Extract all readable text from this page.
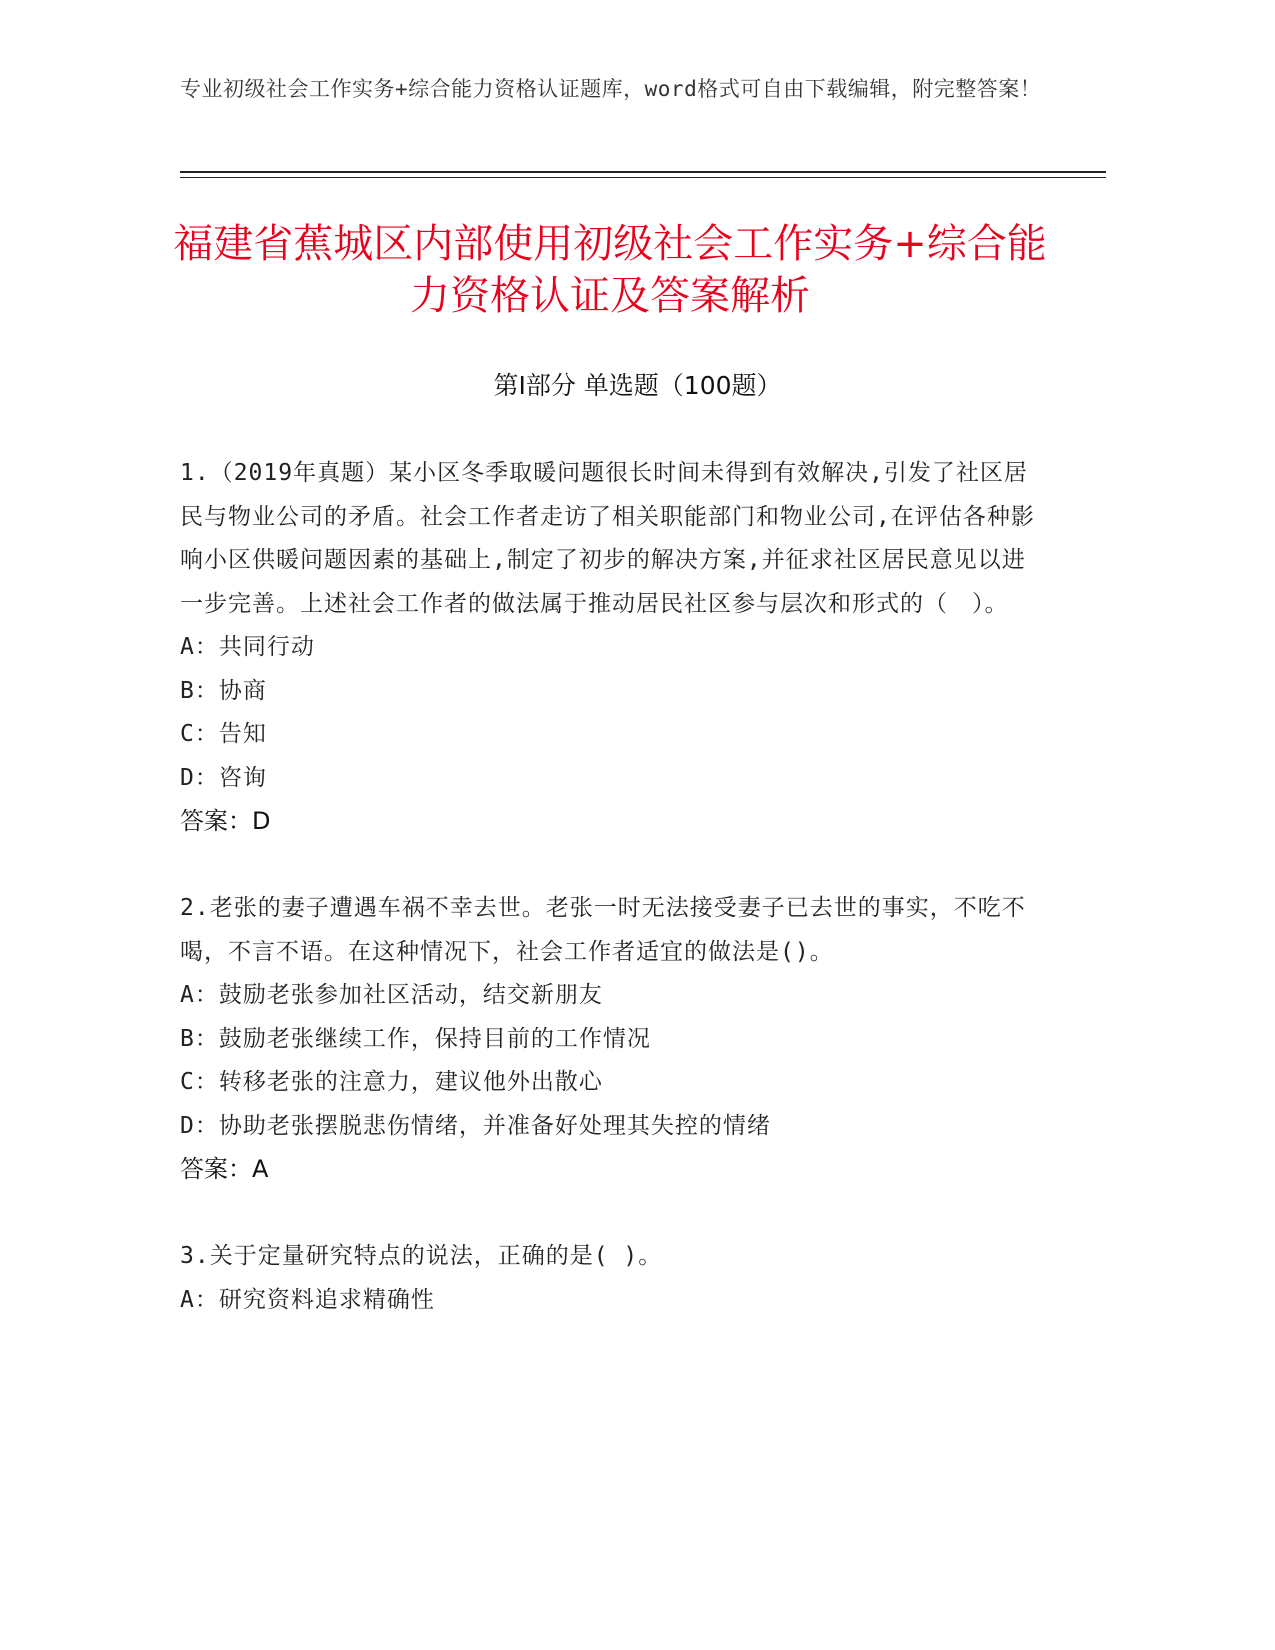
专业初级社会工作实务+综合能力资格认证题库，word格式可自由下载编辑，附完整答案！
福建省蕉城区内部使用初级社会工作实务+综合能力资格认证及答案解析
第Ⅰ部分 单选题（100题）
1.（2019年真题）某小区冬季取暖问题很长时间未得到有效解决,引发了社区居民与物业公司的矛盾。社会工作者走访了相关职能部门和物业公司,在评估各种影响小区供暖问题因素的基础上,制定了初步的解决方案,并征求社区居民意见以进一步完善。上述社会工作者的做法属于推动居民社区参与层次和形式的（　）。
A：共同行动
B：协商
C：告知
D：咨询
答案：D
2.老张的妻子遭遇车祸不幸去世。老张一时无法接受妻子已去世的事实，不吃不喝，不言不语。在这种情况下，社会工作者适宜的做法是()。
A：鼓励老张参加社区活动，结交新朋友
B：鼓励老张继续工作，保持目前的工作情况
C：转移老张的注意力，建议他外出散心
D：协助老张摆脱悲伤情绪，并准备好处理其失控的情绪
答案：A
3.关于定量研究特点的说法，正确的是( )。
A：研究资料追求精确性
